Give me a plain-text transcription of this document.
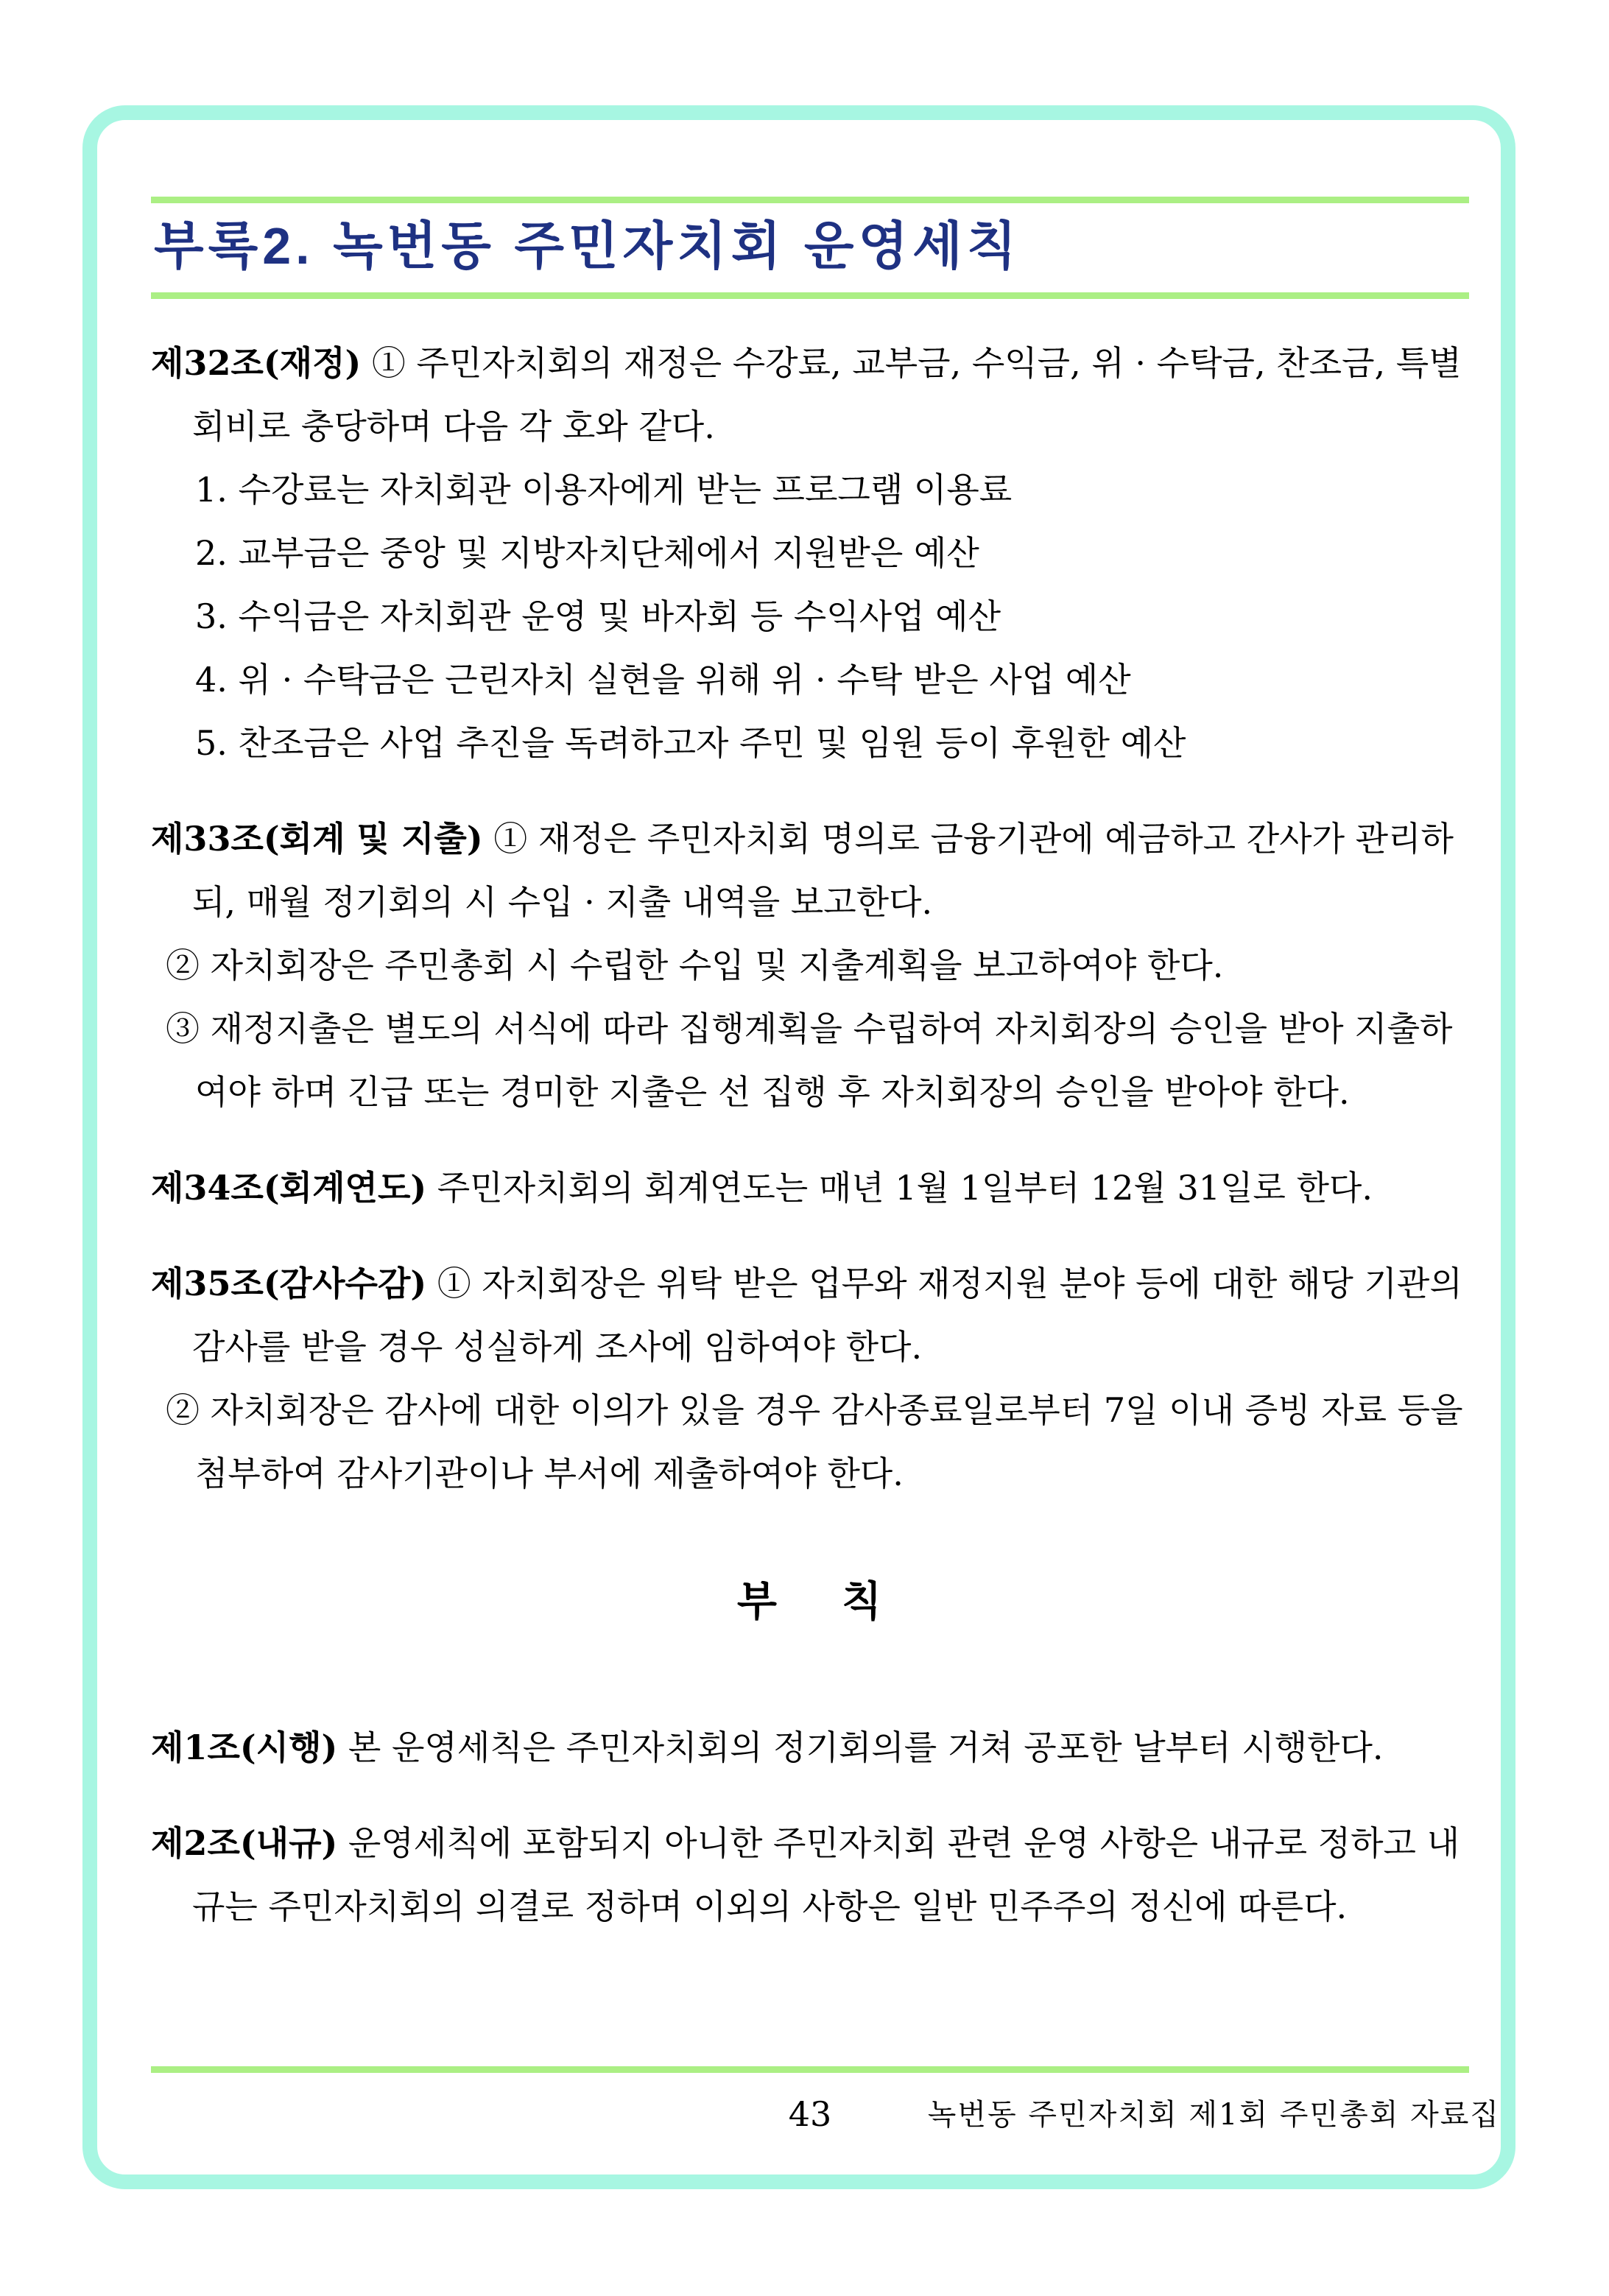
부록2. 녹번동 주민자치회 운영세칙

제32조(재정) ① 주민자치회의 재정은 수강료, 교부금, 수익금, 위 · 수탁금, 찬조금, 특별회비로 충당하며 다음 각 호와 같다.

1. 수강료는 자치회관 이용자에게 받는 프로그램 이용료

2. 교부금은 중앙 및 지방자치단체에서 지원받은 예산

3. 수익금은 자치회관 운영 및 바자회 등 수익사업 예산

4. 위 · 수탁금은 근린자치 실현을 위해 위 · 수탁 받은 사업 예산

5. 찬조금은 사업 추진을 독려하고자 주민 및 임원 등이 후원한 예산

제33조(회계 및 지출) ① 재정은 주민자치회 명의로 금융기관에 예금하고 간사가 관리하되, 매월 정기회의 시 수입 · 지출 내역을 보고한다.

② 자치회장은 주민총회 시 수립한 수입 및 지출계획을 보고하여야 한다.

③ 재정지출은 별도의 서식에 따라 집행계획을 수립하여 자치회장의 승인을 받아 지출하여야 하며 긴급 또는 경미한 지출은 선 집행 후 자치회장의 승인을 받아야 한다.

제34조(회계연도) 주민자치회의 회계연도는 매년 1월 1일부터 12월 31일로 한다.

제35조(감사수감) ① 자치회장은 위탁 받은 업무와 재정지원 분야 등에 대한 해당 기관의 감사를 받을 경우 성실하게 조사에 임하여야 한다.

② 자치회장은 감사에 대한 이의가 있을 경우 감사종료일로부터 7일 이내 증빙 자료 등을 첨부하여 감사기관이나 부서에 제출하여야 한다.

부    칙

제1조(시행) 본 운영세칙은 주민자치회의 정기회의를 거쳐 공포한 날부터 시행한다.

제2조(내규) 운영세칙에 포함되지 아니한 주민자치회 관련 운영 사항은 내규로 정하고 내규는 주민자치회의 의결로 정하며 이외의 사항은 일반 민주주의 정신에 따른다.

43	녹번동 주민자치회 제1회 주민총회 자료집
